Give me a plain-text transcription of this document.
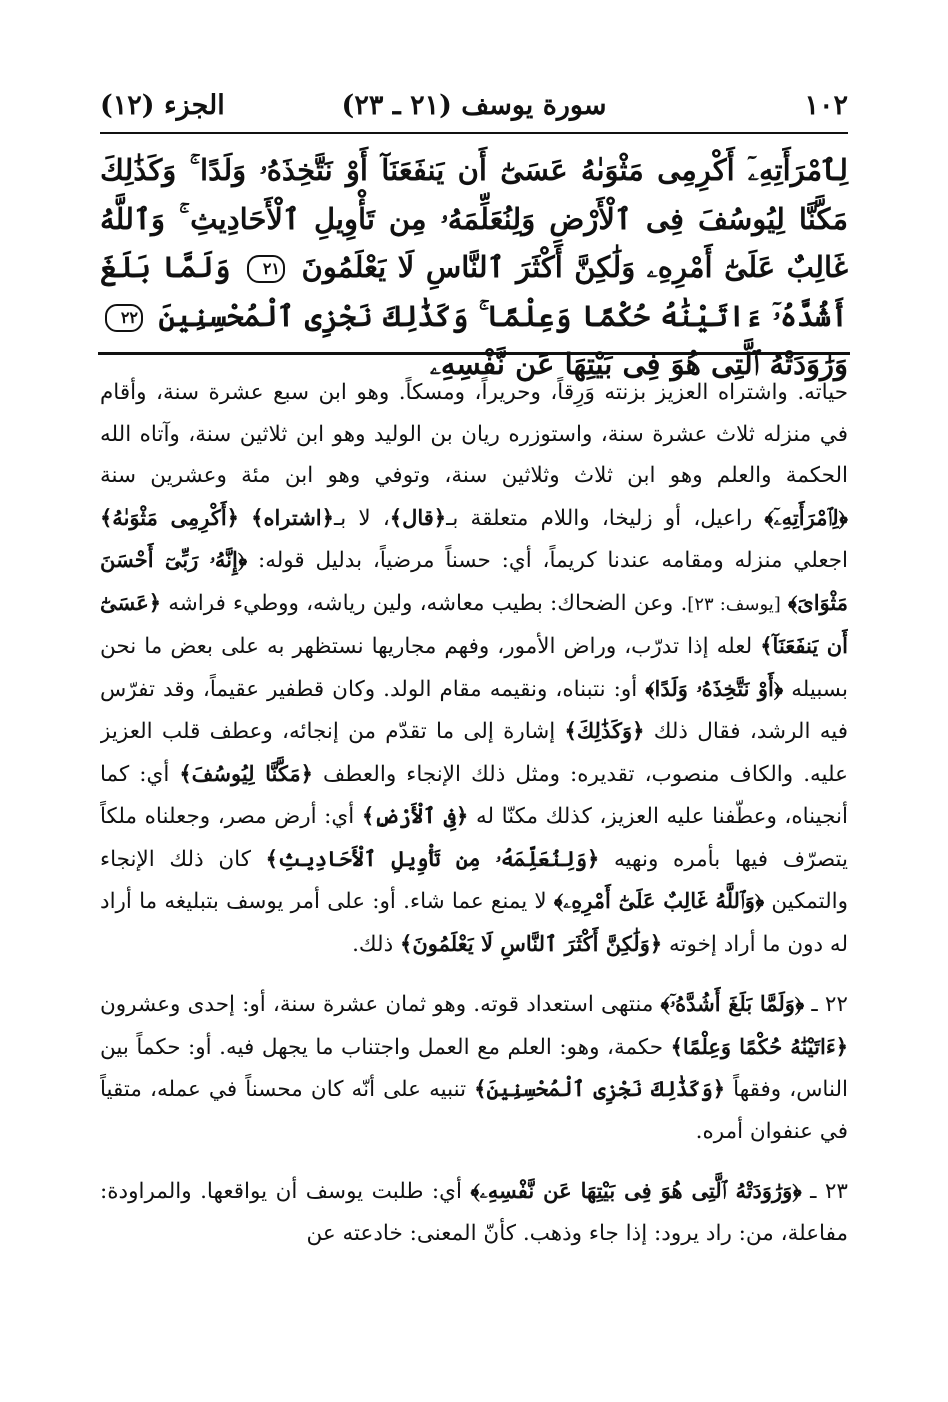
١٠٢
سورة يوسف (٢١ ـ ٢٣)
الجزء (١٢)
لِٱمْرَأَتِهِۦٓ أَكْرِمِى مَثْوَىٰهُ عَسَىٰٓ أَن يَنفَعَنَآ أَوْ نَتَّخِذَهُۥ وَلَدًا ۚ وَكَذَٰلِكَ مَكَّنَّا لِيُوسُفَ فِى ٱلْأَرْضِ وَلِنُعَلِّمَهُۥ مِن تَأْوِيلِ ٱلْأَحَادِيثِ ۚ وَٱللَّهُ غَالِبٌ عَلَىٰٓ أَمْرِهِۦ وَلَٰكِنَّ أَكْثَرَ ٱلنَّاسِ لَا يَعْلَمُونَ ٢١ وَلَمَّا بَلَغَ أَشُدَّهُۥٓ ءَاتَيْنَٰهُ حُكْمًا وَعِلْمًا ۚ وَكَذَٰلِكَ نَجْزِى ٱلْمُحْسِنِينَ ٢٢ وَرَٰوَدَتْهُ ٱلَّتِى هُوَ فِى بَيْتِهَا عَن نَّفْسِهِۦ

حياته. واشتراه العزيز بزنته وَرِقاً، وحريراً، ومسكاً. وهو ابن سبع عشرة سنة، وأقام في منزله ثلاث عشرة سنة، واستوزره ريان بن الوليد وهو ابن ثلاثين سنة، وآتاه الله الحكمة والعلم وهو ابن ثلاث وثلاثين سنة، وتوفي وهو ابن مئة وعشرين سنة ﴿لِٱمْرَأَتِهِۦٓ﴾ راعيل، أو زليخا، واللام متعلقة بـ﴿قال﴾، لا بـ﴿اشتراه﴾ ﴿أَكْرِمِى مَثْوَىٰهُ﴾ اجعلي منزله ومقامه عندنا كريماً، أي: حسناً مرضياً، بدليل قوله: ﴿إِنَّهُۥ رَبِّىٓ أَحْسَنَ مَثْوَاىَ﴾ [يوسف: ٢٣]. وعن الضحاك: بطيب معاشه، ولين رياشه، ووطيء فراشه ﴿عَسَىٰٓ أَن يَنفَعَنَآ﴾ لعله إذا تدرّب، وراض الأمور، وفهم مجاريها نستظهر به على بعض ما نحن بسبيله ﴿أَوْ نَتَّخِذَهُۥ وَلَدًا﴾ أو: نتبناه، ونقيمه مقام الولد. وكان قطفير عقيماً، وقد تفرّس فيه الرشد، فقال ذلك ﴿وَكَذَٰلِكَ﴾ إشارة إلى ما تقدّم من إنجائه، وعطف قلب العزيز عليه. والكاف منصوب، تقديره: ومثل ذلك الإنجاء والعطف ﴿مَكَّنَّا لِيُوسُفَ﴾ أي: كما أنجيناه، وعطّفنا عليه العزيز، كذلك مكنّا له ﴿فِى ٱلْأَرْضِ﴾ أي: أرض مصر، وجعلناه ملكاً يتصرّف فيها بأمره ونهيه ﴿وَلِنُعَلِّمَهُۥ مِن تَأْوِيلِ ٱلْأَحَادِيثِ﴾ كان ذلك الإنجاء والتمكين ﴿وَٱللَّهُ غَالِبٌ عَلَىٰٓ أَمْرِهِۦ﴾ لا يمنع عما شاء. أو: على أمر يوسف بتبليغه ما أراد له دون ما أراد إخوته ﴿وَلَٰكِنَّ أَكْثَرَ ٱلنَّاسِ لَا يَعْلَمُونَ﴾ ذلك.

٢٢ ـ ﴿وَلَمَّا بَلَغَ أَشُدَّهُۥٓ﴾ منتهى استعداد قوته. وهو ثمان عشرة سنة، أو: إحدى وعشرون ﴿ءَاتَيْنَٰهُ حُكْمًا وَعِلْمًا﴾ حكمة، وهو: العلم مع العمل واجتناب ما يجهل فيه. أو: حكماً بين الناس، وفقهاً ﴿وَكَذَٰلِكَ نَجْزِى ٱلْمُحْسِنِينَ﴾ تنبيه على أنّه كان محسناً في عمله، متقياً في عنفوان أمره.

٢٣ ـ ﴿وَرَٰوَدَتْهُ ٱلَّتِى هُوَ فِى بَيْتِهَا عَن نَّفْسِهِۦ﴾ أي: طلبت يوسف أن يواقعها. والمراودة: مفاعلة، من: راد يرود: إذا جاء وذهب. كأنّ المعنى: خادعته عن
